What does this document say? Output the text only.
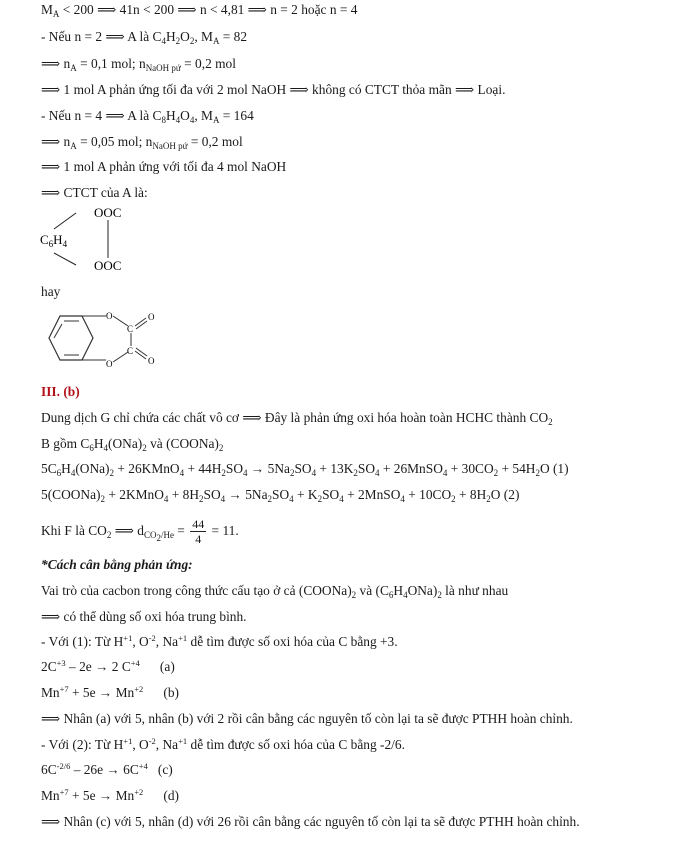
$M_A < 200$ ⟹ 41n < 200 ⟹ n < 4,81 ⟹ n = 2 hoặc n = 4
- Nếu n = 2 ⟹ A là $C_4H_2O_2$, $M_A = 82$
⟹ $n_A = 0,1$ mol; $n_{NaOH pứ} = 0,2$ mol
⟹ 1 mol A phản ứng tối đa với 2 mol NaOH ⟹ không có CTCT thỏa mãn ⟹ Loại.
- Nếu n = 4 ⟹ A là $C_8H_4O_4$, $M_A = 164$
⟹ $n_A = 0,05$ mol; $n_{NaOH pứ} = 0,2$ mol
⟹ 1 mol A phản ứng với tối đa 4 mol NaOH
⟹ CTCT của A là:
OOC
$C_6H_4$
OOC
hay
O
O
C
C
O
O
III. (b)
Dung dịch G chỉ chứa các chất vô cơ ⟹ Đây là phản ứng oxi hóa hoàn toàn HCHC thành $CO_2$
B gồm $C_6H_4(ONa)_2$ và $(COONa)_2$
$5C_6H_4(ONa)_2$ + 26KMnO$_4$ + $44H_2SO_4 \to 5Na_2SO_4 + 13K_2SO_4$ + 26MnSO$_4$ + $30CO_2 + 54H_2O$ (1)
$5(COONa)_2$ + 2KMnO$_4$ + $8H_2SO_4 \to 5Na_2SO_4 + K_2SO_4$ + 2MnSO$_4$ + $10CO_2 + 8H_2O$ (2)
Khi F là $CO_2$ ⟹ $d_{CO_2/He} = \frac{44}{4} = 11$.
*Cách cân bằng phản ứng:
Vai trò của cacbon trong công thức cấu tạo ở cả $(COONa)_2$ và $(C_6H_4ONa)_2$ là như nhau
⟹ có thể dùng số oxi hóa trung bình.
- Với (1): Từ $H^{+1}$, $O^{-2}$, $Na^{+1}$ dễ tìm được số oxi hóa của C bằng +3.
$2C^{+3} - 2e \to 2$ $C^{+4}$      (a)
$Mn^{+7} + 5e \to Mn^{+2}$      (b)
⟹ Nhân (a) với 5, nhân (b) với 2 rồi cân bằng các nguyên tố còn lại ta sẽ được PTHH hoàn chỉnh.
- Với (2): Từ $H^{+1}$, $O^{-2}$, $Na^{+1}$ dễ tìm được số oxi hóa của C bằng -2/6.
$6C^{-2/6} - 26e \to 6C^{+4}$   (c)
$Mn^{+7} + 5e \to Mn^{+2}$      (d)
⟹ Nhân (c) với 5, nhân (d) với 26 rồi cân bằng các nguyên tố còn lại ta sẽ được PTHH hoàn chỉnh.
